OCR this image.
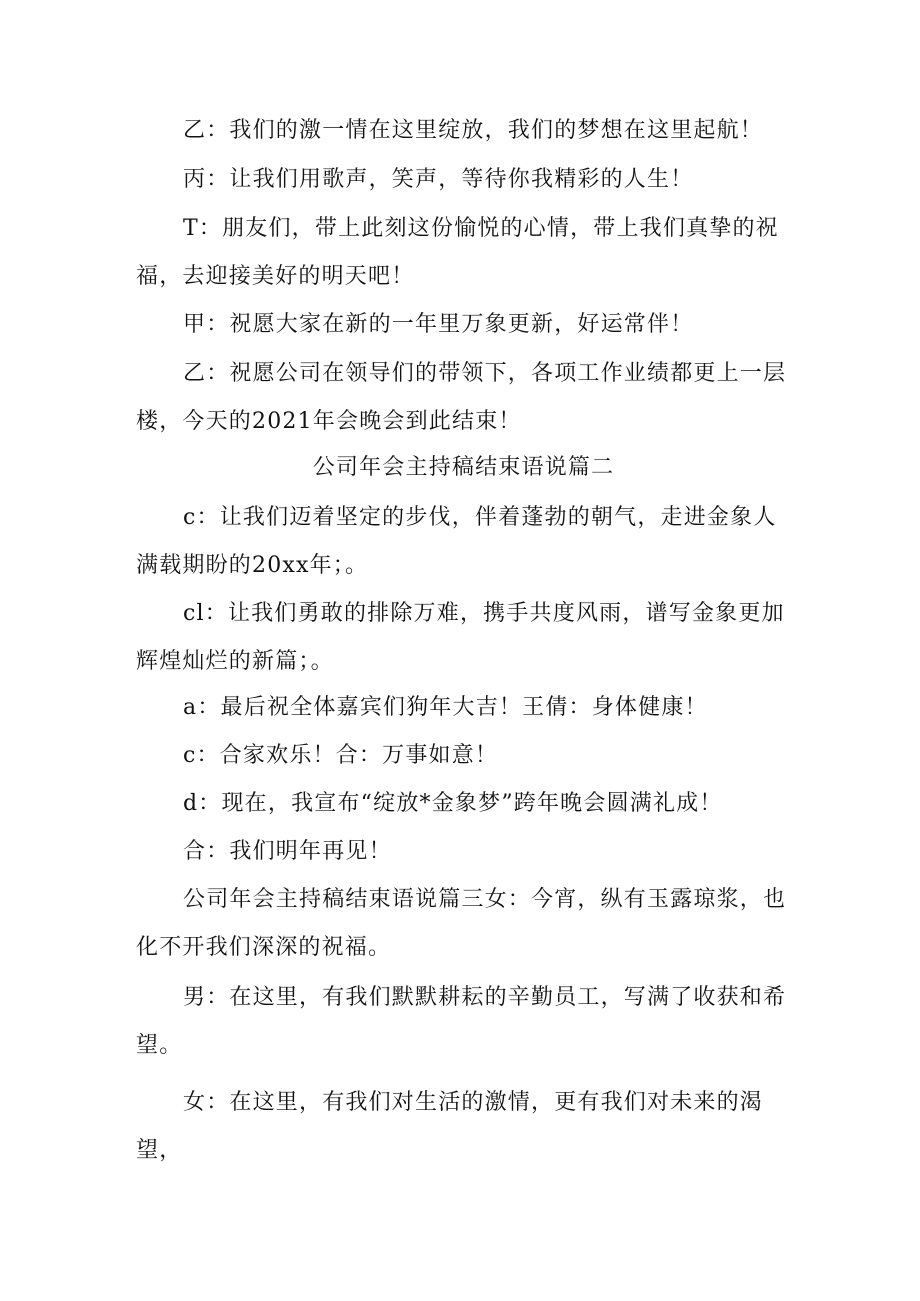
乙：我们的激一情在这里绽放，我们的梦想在这里起航！

丙：让我们用歌声，笑声，等待你我精彩的人生！

T：朋友们，带上此刻这份愉悦的心情，带上我们真挚的祝福，去迎接美好的明天吧！

甲：祝愿大家在新的一年里万象更新，好运常伴！

乙：祝愿公司在领导们的带领下，各项工作业绩都更上一层楼，今天的2021年会晚会到此结束！

公司年会主持稿结束语说篇二

c：让我们迈着坚定的步伐，伴着蓬勃的朝气，走进金象人满载期盼的20xx年；。

cl：让我们勇敢的排除万难，携手共度风雨，谱写金象更加辉煌灿烂的新篇；。

a：最后祝全体嘉宾们狗年大吉！王倩：身体健康！

c：合家欢乐！合：万事如意！

d：现在，我宣布“绽放*金象梦”跨年晚会圆满礼成！

合：我们明年再见！

公司年会主持稿结束语说篇三女：今宵，纵有玉露琼浆，也化不开我们深深的祝福。

男：在这里，有我们默默耕耘的辛勤员工，写满了收获和希望。

女：在这里，有我们对生活的激情，更有我们对未来的渴望，
